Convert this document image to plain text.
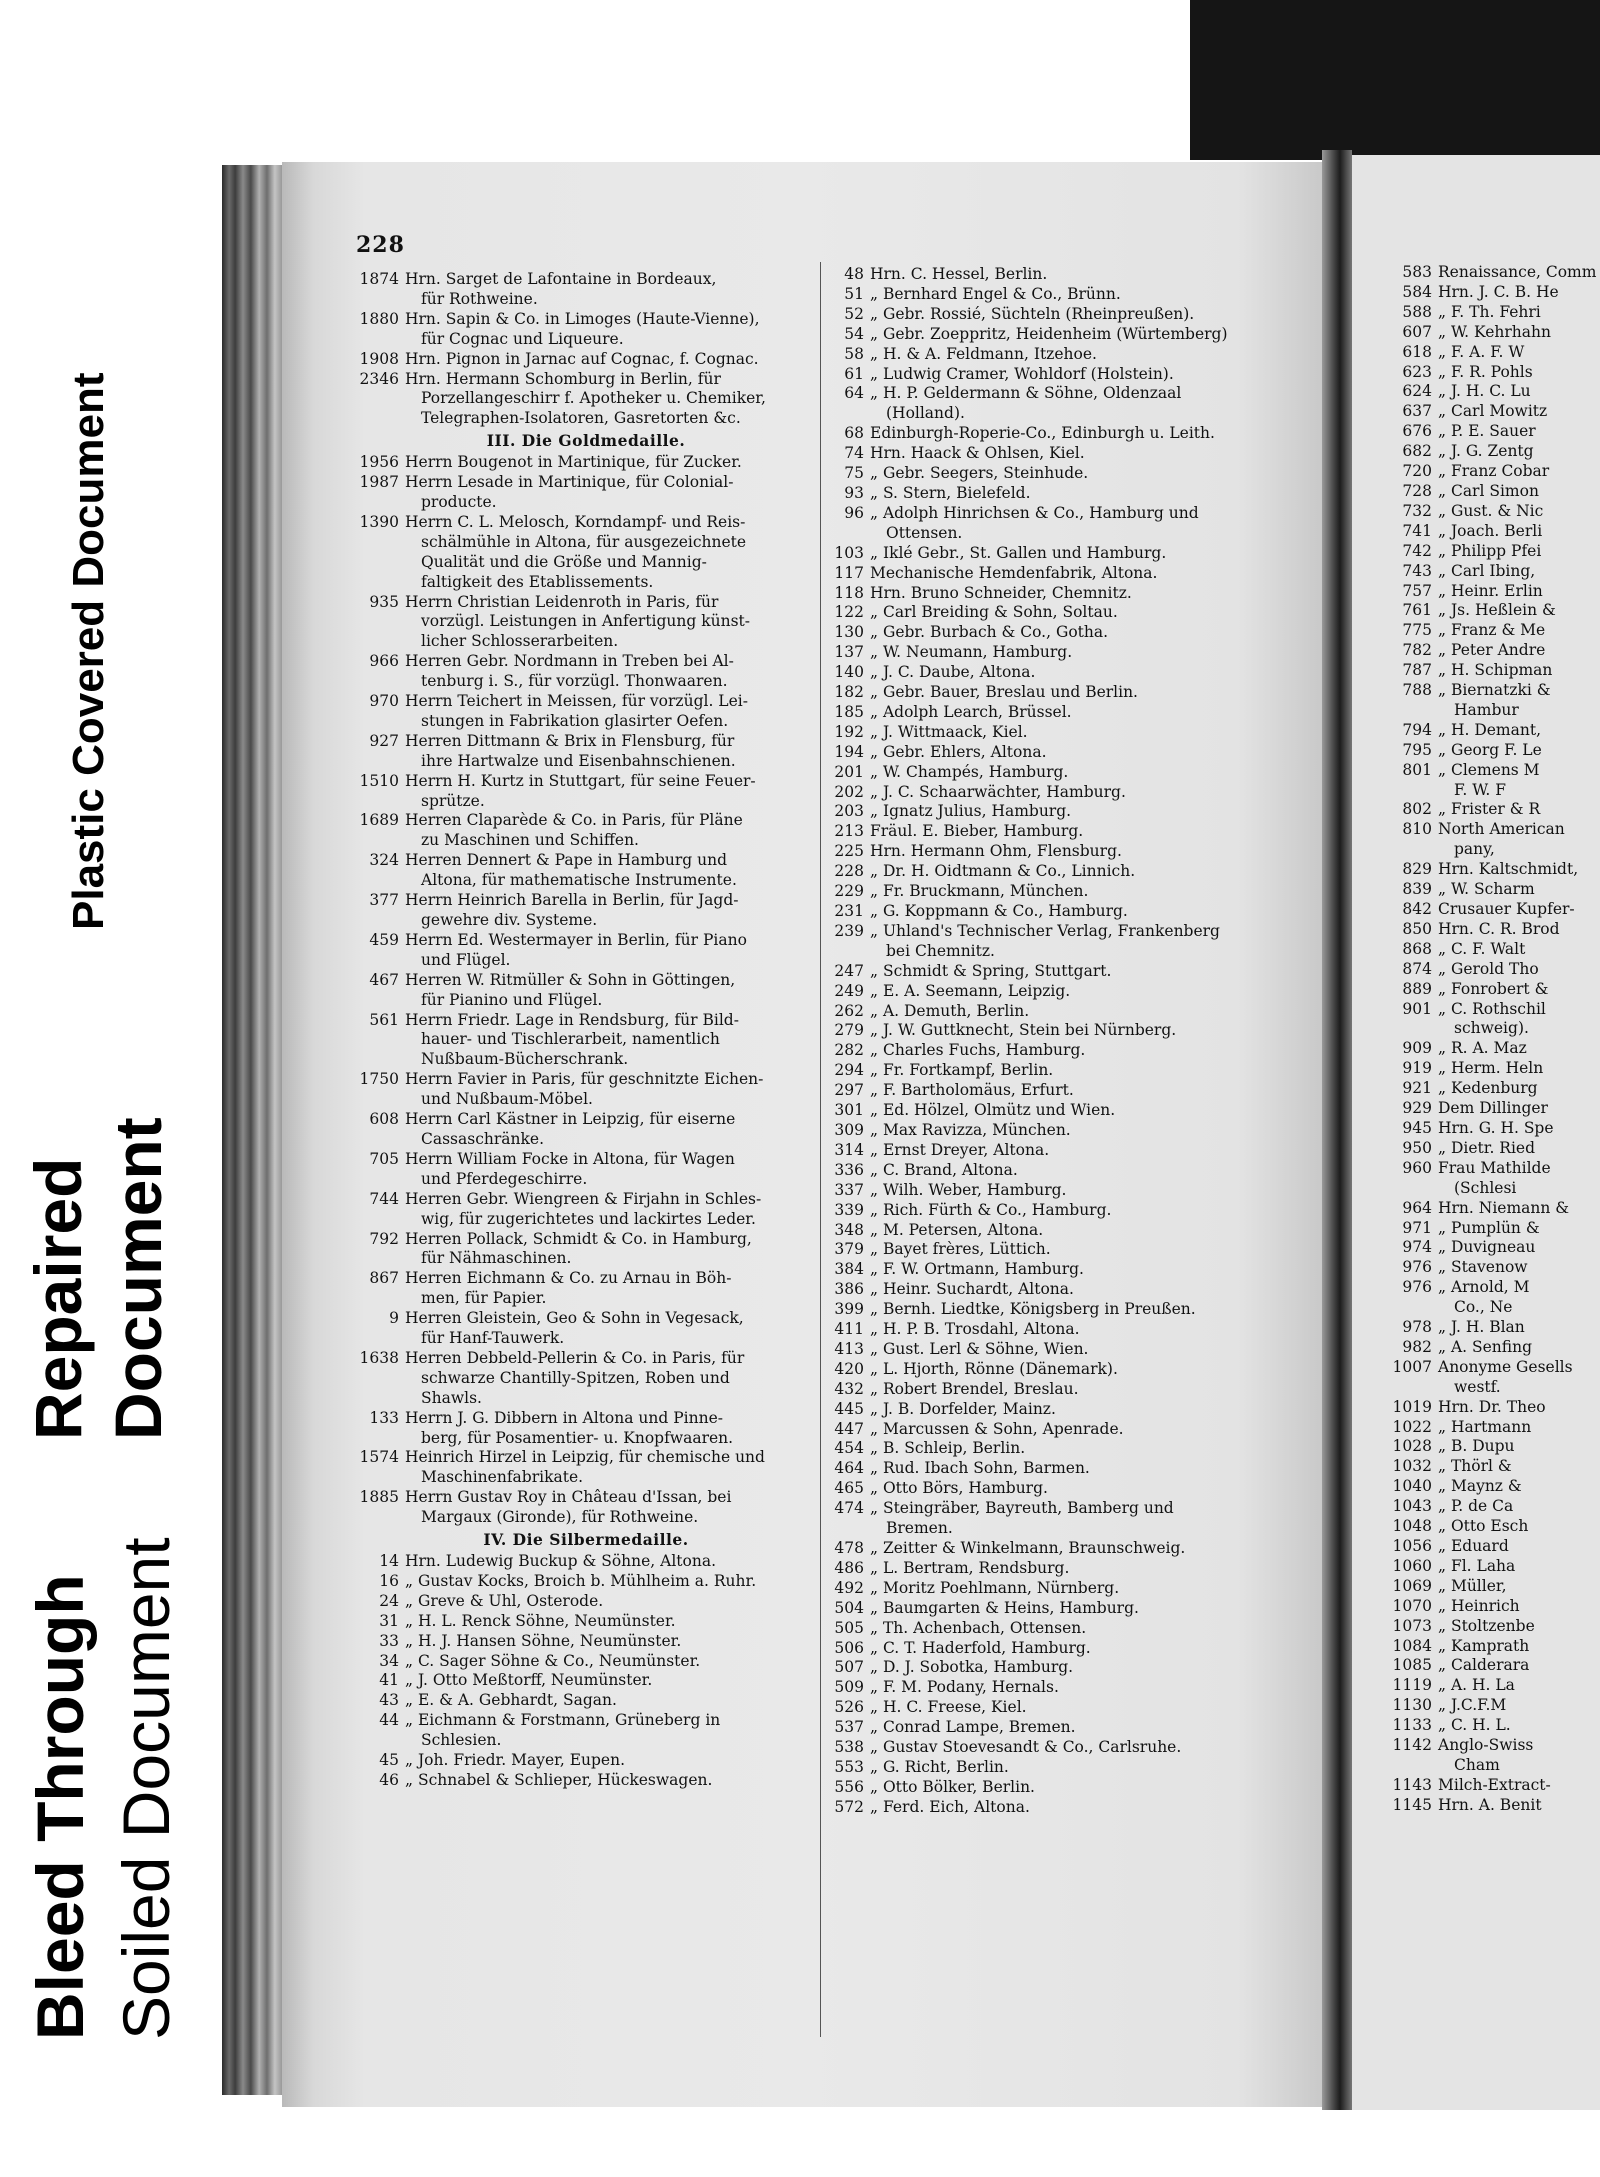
Plastic Covered Document
Repaired Document
Bleed Through Soiled Document
228
1874 Hrn. Sarget de Lafontaine in Bordeaux,
für Rothweine.
1880 Hrn. Sapin & Co. in Limoges (Haute-Vienne),
für Cognac und Liqueure.
1908 Hrn. Pignon in Jarnac auf Cognac, f. Cognac.
2346 Hrn. Hermann Schomburg in Berlin, für
Porzellangeschirr f. Apotheker u. Chemiker,
Telegraphen-Isolatoren, Gasretorten &c.
III. Die Goldmedaille.
1956 Herrn Bougenot in Martinique, für Zucker.
1987 Herrn Lesade in Martinique, für Colonial-
producte.
1390 Herrn C. L. Melosch, Korndampf- und Reis-
schälmühle in Altona, für ausgezeichnete
Qualität und die Größe und Mannig-
faltigkeit des Etablissements.
935 Herrn Christian Leidenroth in Paris, für
vorzügl. Leistungen in Anfertigung künst-
licher Schlosserarbeiten.
966 Herren Gebr. Nordmann in Treben bei Al-
tenburg i. S., für vorzügl. Thonwaaren.
970 Herrn Teichert in Meissen, für vorzügl. Lei-
stungen in Fabrikation glasirter Oefen.
927 Herren Dittmann & Brix in Flensburg, für
ihre Hartwalze und Eisenbahnschienen.
1510 Herrn H. Kurtz in Stuttgart, für seine Feuer-
sprütze.
1689 Herren Claparède & Co. in Paris, für Pläne
zu Maschinen und Schiffen.
324 Herren Dennert & Pape in Hamburg und
Altona, für mathematische Instrumente.
377 Herrn Heinrich Barella in Berlin, für Jagd-
gewehre div. Systeme.
459 Herrn Ed. Westermayer in Berlin, für Piano
und Flügel.
467 Herren W. Ritmüller & Sohn in Göttingen,
für Pianino und Flügel.
561 Herrn Friedr. Lage in Rendsburg, für Bild-
hauer- und Tischlerarbeit, namentlich
Nußbaum-Bücherschrank.
1750 Herrn Favier in Paris, für geschnitzte Eichen-
und Nußbaum-Möbel.
608 Herrn Carl Kästner in Leipzig, für eiserne
Cassaschränke.
705 Herrn William Focke in Altona, für Wagen
und Pferdegeschirre.
744 Herren Gebr. Wiengreen & Firjahn in Schles-
wig, für zugerichtetes und lackirtes Leder.
792 Herren Pollack, Schmidt & Co. in Hamburg,
für Nähmaschinen.
867 Herren Eichmann & Co. zu Arnau in Böh-
men, für Papier.
9 Herren Gleistein, Geo & Sohn in Vegesack,
für Hanf-Tauwerk.
1638 Herren Debbeld-Pellerin & Co. in Paris, für
schwarze Chantilly-Spitzen, Roben und
Shawls.
133 Herrn J. G. Dibbern in Altona und Pinne-
berg, für Posamentier- u. Knopfwaaren.
1574 Heinrich Hirzel in Leipzig, für chemische und
Maschinenfabrikate.
1885 Herrn Gustav Roy in Château d'Issan, bei
Margaux (Gironde), für Rothweine.
IV. Die Silbermedaille.
14 Hrn. Ludewig Buckup & Söhne, Altona.
16 „ Gustav Kocks, Broich b. Mühlheim a. Ruhr.
24 „ Greve & Uhl, Osterode.
31 „ H. L. Renck Söhne, Neumünster.
33 „ H. J. Hansen Söhne, Neumünster.
34 „ C. Sager Söhne & Co., Neumünster.
41 „ J. Otto Meßtorff, Neumünster.
43 „ E. & A. Gebhardt, Sagan.
44 „ Eichmann & Forstmann, Grüneberg in
Schlesien.
45 „ Joh. Friedr. Mayer, Eupen.
46 „ Schnabel & Schlieper, Hückeswagen.
48 Hrn. C. Hessel, Berlin.
51 „ Bernhard Engel & Co., Brünn.
52 „ Gebr. Rossié, Süchteln (Rheinpreußen).
54 „ Gebr. Zoeppritz, Heidenheim (Würtemberg)
58 „ H. & A. Feldmann, Itzehoe.
61 „ Ludwig Cramer, Wohldorf (Holstein).
64 „ H. P. Geldermann & Söhne, Oldenzaal
(Holland).
68 Edinburgh-Roperie-Co., Edinburgh u. Leith.
74 Hrn. Haack & Ohlsen, Kiel.
75 „ Gebr. Seegers, Steinhude.
93 „ S. Stern, Bielefeld.
96 „ Adolph Hinrichsen & Co., Hamburg und
Ottensen.
103 „ Iklé Gebr., St. Gallen und Hamburg.
117 Mechanische Hemdenfabrik, Altona.
118 Hrn. Bruno Schneider, Chemnitz.
122 „ Carl Breiding & Sohn, Soltau.
130 „ Gebr. Burbach & Co., Gotha.
137 „ W. Neumann, Hamburg.
140 „ J. C. Daube, Altona.
182 „ Gebr. Bauer, Breslau und Berlin.
185 „ Adolph Learch, Brüssel.
192 „ J. Wittmaack, Kiel.
194 „ Gebr. Ehlers, Altona.
201 „ W. Champés, Hamburg.
202 „ J. C. Schaarwächter, Hamburg.
203 „ Ignatz Julius, Hamburg.
213 Fräul. E. Bieber, Hamburg.
225 Hrn. Hermann Ohm, Flensburg.
228 „ Dr. H. Oidtmann & Co., Linnich.
229 „ Fr. Bruckmann, München.
231 „ G. Koppmann & Co., Hamburg.
239 „ Uhland's Technischer Verlag, Frankenberg
bei Chemnitz.
247 „ Schmidt & Spring, Stuttgart.
249 „ E. A. Seemann, Leipzig.
262 „ A. Demuth, Berlin.
279 „ J. W. Guttknecht, Stein bei Nürnberg.
282 „ Charles Fuchs, Hamburg.
294 „ Fr. Fortkampf, Berlin.
297 „ F. Bartholomäus, Erfurt.
301 „ Ed. Hölzel, Olmütz und Wien.
309 „ Max Ravizza, München.
314 „ Ernst Dreyer, Altona.
336 „ C. Brand, Altona.
337 „ Wilh. Weber, Hamburg.
339 „ Rich. Fürth & Co., Hamburg.
348 „ M. Petersen, Altona.
379 „ Bayet frères, Lüttich.
384 „ F. W. Ortmann, Hamburg.
386 „ Heinr. Suchardt, Altona.
399 „ Bernh. Liedtke, Königsberg in Preußen.
411 „ H. P. B. Trosdahl, Altona.
413 „ Gust. Lerl & Söhne, Wien.
420 „ L. Hjorth, Rönne (Dänemark).
432 „ Robert Brendel, Breslau.
445 „ J. B. Dorfelder, Mainz.
447 „ Marcussen & Sohn, Apenrade.
454 „ B. Schleip, Berlin.
464 „ Rud. Ibach Sohn, Barmen.
465 „ Otto Börs, Hamburg.
474 „ Steingräber, Bayreuth, Bamberg und
Bremen.
478 „ Zeitter & Winkelmann, Braunschweig.
486 „ L. Bertram, Rendsburg.
492 „ Moritz Poehlmann, Nürnberg.
504 „ Baumgarten & Heins, Hamburg.
505 „ Th. Achenbach, Ottensen.
506 „ C. T. Haderfold, Hamburg.
507 „ D. J. Sobotka, Hamburg.
509 „ F. M. Podany, Hernals.
526 „ H. C. Freese, Kiel.
537 „ Conrad Lampe, Bremen.
538 „ Gustav Stoevesandt & Co., Carlsruhe.
553 „ G. Richt, Berlin.
556 „ Otto Bölker, Berlin.
572 „ Ferd. Eich, Altona.
583 Renaissance, Comm
584 Hrn. J. C. B. He
588 „ F. Th. Fehri
607 „ W. Kehrhahn
618 „ F. A. F. W
623 „ F. R. Pohls
624 „ J. H. C. Lu
637 „ Carl Mowitz
676 „ P. E. Sauer
682 „ J. G. Zentg
720 „ Franz Cobar
728 „ Carl Simon
732 „ Gust. & Nic
741 „ Joach. Berli
742 „ Philipp Pfei
743 „ Carl Ibing,
757 „ Heinr. Erlin
761 „ Js. Heßlein &
775 „ Franz & Me
782 „ Peter Andre
787 „ H. Schipman
788 „ Biernatzki &
Hambur
794 „ H. Demant,
795 „ Georg F. Le
801 „ Clemens M
F. W. F
802 „ Frister & R
810 North American
pany,
829 Hrn. Kaltschmidt,
839 „ W. Scharm
842 Crusauer Kupfer-
850 Hrn. C. R. Brod
868 „ C. F. Walt
874 „ Gerold Tho
889 „ Fonrobert &
901 „ C. Rothschil
schweig).
909 „ R. A. Maz
919 „ Herm. Heln
921 „ Kedenburg
929 Dem Dillinger
945 Hrn. G. H. Spe
950 „ Dietr. Ried
960 Frau Mathilde
(Schlesi
964 Hrn. Niemann &
971 „ Pumplün &
974 „ Duvigneau
976 „ Stavenow
976 „ Arnold, M
Co., Ne
978 „ J. H. Blan
982 „ A. Senfing
1007 Anonyme Gesells
westf.
1019 Hrn. Dr. Theo
1022 „ Hartmann
1028 „ B. Dupu
1032 „ Thörl &
1040 „ Maynz &
1043 „ P. de Ca
1048 „ Otto Esch
1056 „ Eduard
1060 „ Fl. Laha
1069 „ Müller,
1070 „ Heinrich
1073 „ Stoltzenbe
1084 „ Kamprath
1085 „ Calderara
1119 „ A. H. La
1130 „ J.C.F.M
1133 „ C. H. L.
1142 Anglo-Swiss
Cham
1143 Milch-Extract-
1145 Hrn. A. Benit
